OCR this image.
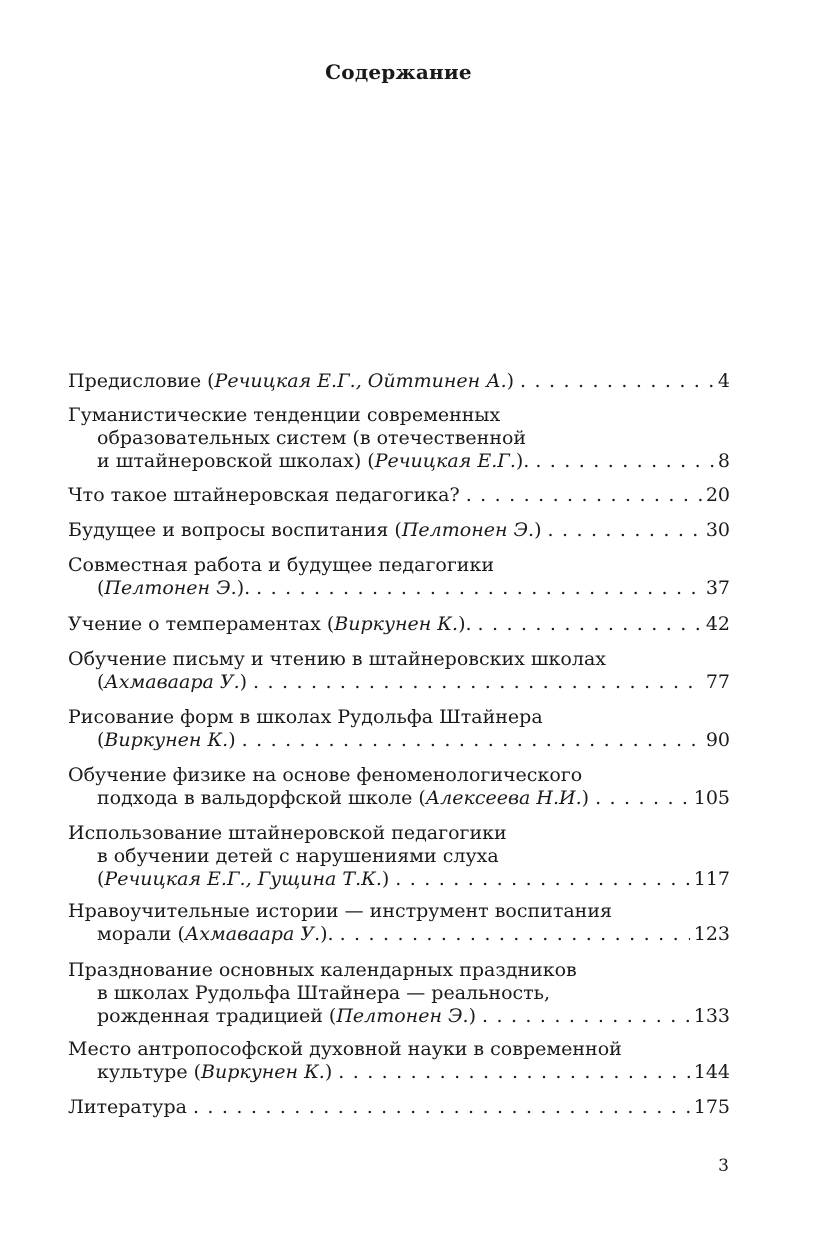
Содержание
Предисловие ( Речицкая Е.Г., Ойттинен А. ) . . .	4
Гуманистические тенденции современных
образовательных систем (в отечественной
и штайнеровской школах) ( Речицкая Е.Г. ). . . .	8
Что такое штайнеровская педагогика? . . .	20
Будущее и вопросы воспитания ( Пелтонен Э. ) . . .	30
Совместная работа и будущее педагогики
( Пелтонен Э. ). . . .	37
Учение о темпераментах ( Виркунен К. ). . . .	42
Обучение письму и чтению в штайнеровских школах
( Ахмаваара У. ) . . .	77
Рисование форм в школах Рудольфа Штайнера
( Виркунен К. ) . . .	90
Обучение физике на основе феноменологического
подхода в вальдорфской школе ( Алексеева Н.И. ) . . .	105
Использование штайнеровской педагогики
в обучении детей с нарушениями слуха
( Речицкая Е.Г., Гущина Т.К. ) . . .	117
Нравоучительные истории — инструмент воспитания
морали ( Ахмаваара У. ). . . .	123
Празднование основных календарных праздников
в школах Рудольфа Штайнера — реальность,
рожденная традицией ( Пелтонен Э. ) . . .	133
Место антропософской духовной науки в современной
культуре ( Виркунен К. ) . . .	144
Литература . . .	175
3
